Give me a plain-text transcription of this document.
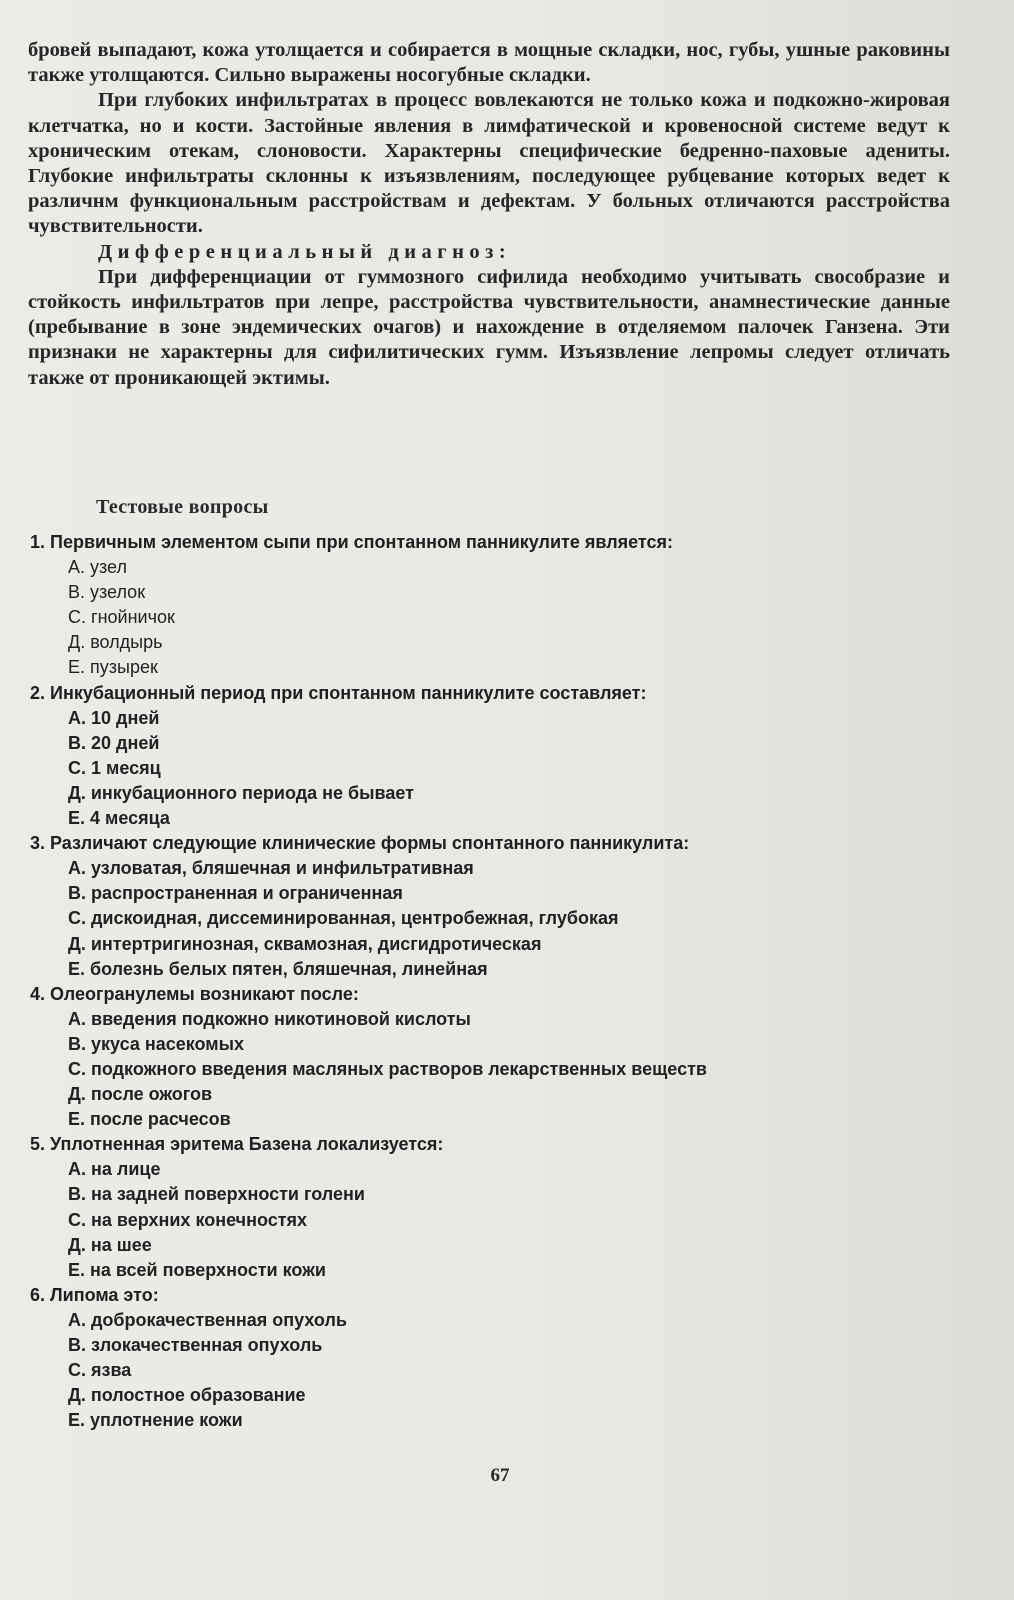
бровей выпадают, кожа утолщается и собирается в мощные складки, нос, губы, ушные раковины также утолщаются. Сильно выражены носогубные складки.

При глубоких инфильтратах в процесс вовлекаются не только кожа и подкожно-жировая клетчатка, но и кости. Застойные явления в лимфатической и кровеносной системе ведут к хроническим отекам, слоновости. Характерны специфические бедренно-паховые адениты. Глубокие инфильтраты склонны к изъязвлениям, последующее рубцевание которых ведет к различнм функциональным расстройствам и дефектам. У больных отличаются расстройства чувствительности.

Дифференциальный диагноз:

При дифференциации от гуммозного сифилида необходимо учитывать свособразие и стойкость инфильтратов при лепре, расстройства чувствительности, анамнестические данные (пребывание в зоне эндемических очагов) и нахождение в отделяемом палочек Ганзена. Эти признаки не характерны для сифилитических гумм. Изъязвление лепромы следует отличать также от проникающей эктимы.

Тестовые вопросы
1. Первичным элементом сыпи при спонтанном панникулите является:
А. узел
В. узелок
С. гнойничок
Д. волдырь
Е. пузырек
2. Инкубационный период при спонтанном панникулите составляет:
А. 10 дней
В. 20 дней
С. 1 месяц
Д. инкубационного периода не бывает
Е. 4 месяца
3. Различают следующие клинические формы спонтанного панникулита:
А. узловатая, бляшечная и инфильтративная
В. распространенная и ограниченная
С. дискоидная, диссеминированная, центробежная, глубокая
Д. интертригинозная, сквамозная, дисгидротическая
Е. болезнь белых пятен, бляшечная, линейная
4. Олеогранулемы возникают после:
А. введения подкожно никотиновой кислоты
В. укуса насекомых
С. подкожного введения масляных растворов лекарственных веществ
Д. после ожогов
Е. после расчесов
5. Уплотненная эритема Базена локализуется:
А. на лице
В. на задней поверхности голени
С. на верхних конечностях
Д. на шее
Е. на всей поверхности кожи
6. Липома это:
А. доброкачественная опухоль
В. злокачественная опухоль
С. язва
Д. полостное образование
Е. уплотнение кожи
67
